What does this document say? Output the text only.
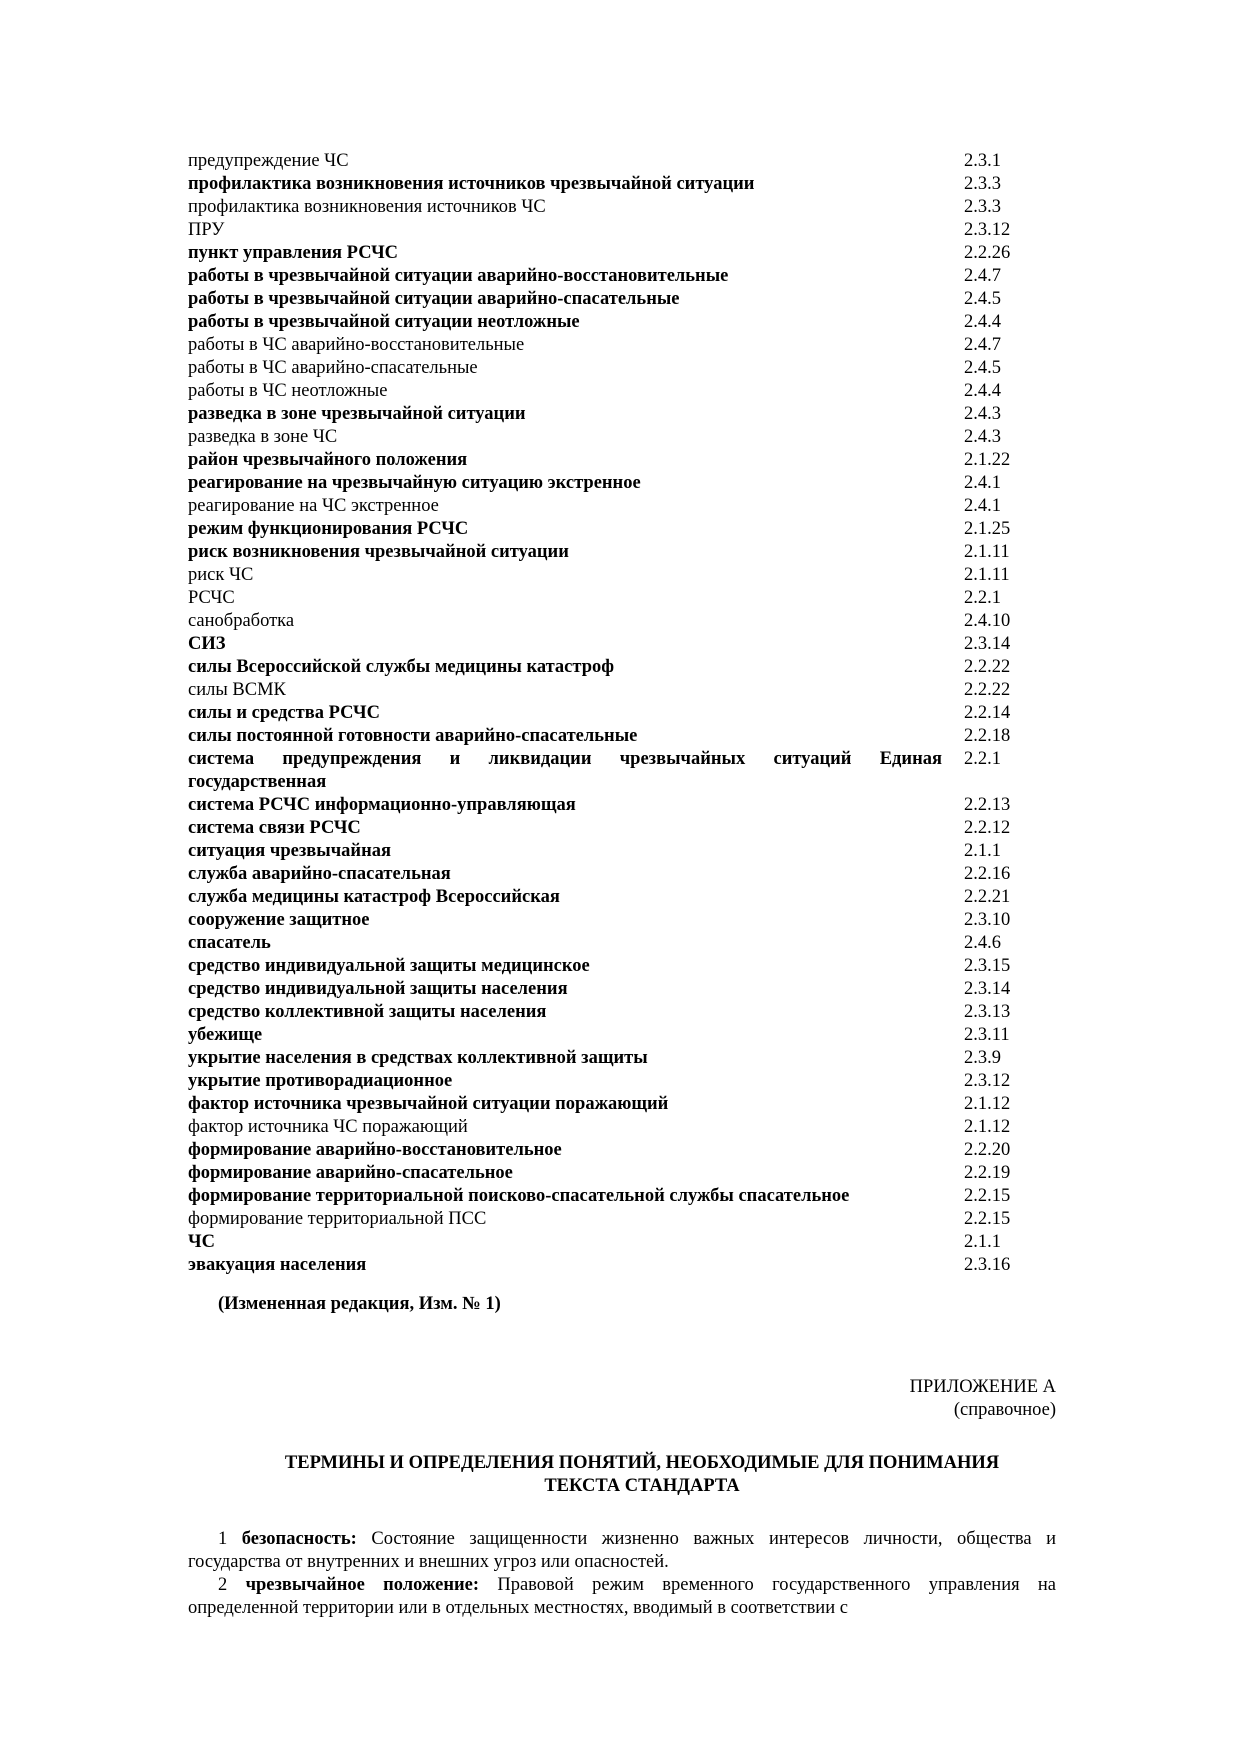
предупреждение ЧС	2.3.1
профилактика возникновения источников чрезвычайной ситуации	2.3.3
профилактика возникновения источников ЧС	2.3.3
ПРУ	2.3.12
пункт управления РСЧС	2.2.26
работы в чрезвычайной ситуации аварийно-восстановительные	2.4.7
работы в чрезвычайной ситуации аварийно-спасательные	2.4.5
работы в чрезвычайной ситуации неотложные	2.4.4
работы в ЧС аварийно-восстановительные	2.4.7
работы в ЧС аварийно-спасательные	2.4.5
работы в ЧС неотложные	2.4.4
разведка в зоне чрезвычайной ситуации	2.4.3
разведка в зоне ЧС	2.4.3
район чрезвычайного положения	2.1.22
реагирование на чрезвычайную ситуацию экстренное	2.4.1
реагирование на ЧС экстренное	2.4.1
режим функционирования РСЧС	2.1.25
риск возникновения чрезвычайной ситуации	2.1.11
риск ЧС	2.1.11
РСЧС	2.2.1
санобработка	2.4.10
СИЗ	2.3.14
силы Всероссийской службы медицины катастроф	2.2.22
силы ВСМК	2.2.22
силы и средства РСЧС	2.2.14
силы постоянной готовности аварийно-спасательные	2.2.18
система предупреждения и ликвидации чрезвычайных ситуаций Единая государственная	2.2.1
система РСЧС информационно-управляющая	2.2.13
система связи РСЧС	2.2.12
ситуация чрезвычайная	2.1.1
служба аварийно-спасательная	2.2.16
служба медицины катастроф Всероссийская	2.2.21
сооружение защитное	2.3.10
спасатель	2.4.6
средство индивидуальной защиты медицинское	2.3.15
средство индивидуальной защиты населения	2.3.14
средство коллективной защиты населения	2.3.13
убежище	2.3.11
укрытие населения в средствах коллективной защиты	2.3.9
укрытие противорадиационное	2.3.12
фактор источника чрезвычайной ситуации поражающий	2.1.12
фактор источника ЧС поражающий	2.1.12
формирование аварийно-восстановительное	2.2.20
формирование аварийно-спасательное	2.2.19
формирование территориальной поисково-спасательной службы спасательное	2.2.15
формирование территориальной ПСС	2.2.15
ЧС	2.1.1
эвакуация населения	2.3.16
(Измененная редакция, Изм. № 1)
ПРИЛОЖЕНИЕ А
(справочное)
ТЕРМИНЫ И ОПРЕДЕЛЕНИЯ ПОНЯТИЙ, НЕОБХОДИМЫЕ ДЛЯ ПОНИМАНИЯ
ТЕКСТА СТАНДАРТА

1 безопасность: Состояние защищенности жизненно важных интересов личности, общества и государства от внутренних и внешних угроз или опасностей.

2 чрезвычайное положение: Правовой режим временного государственного управления на определенной территории или в отдельных местностях, вводимый в соответствии с
